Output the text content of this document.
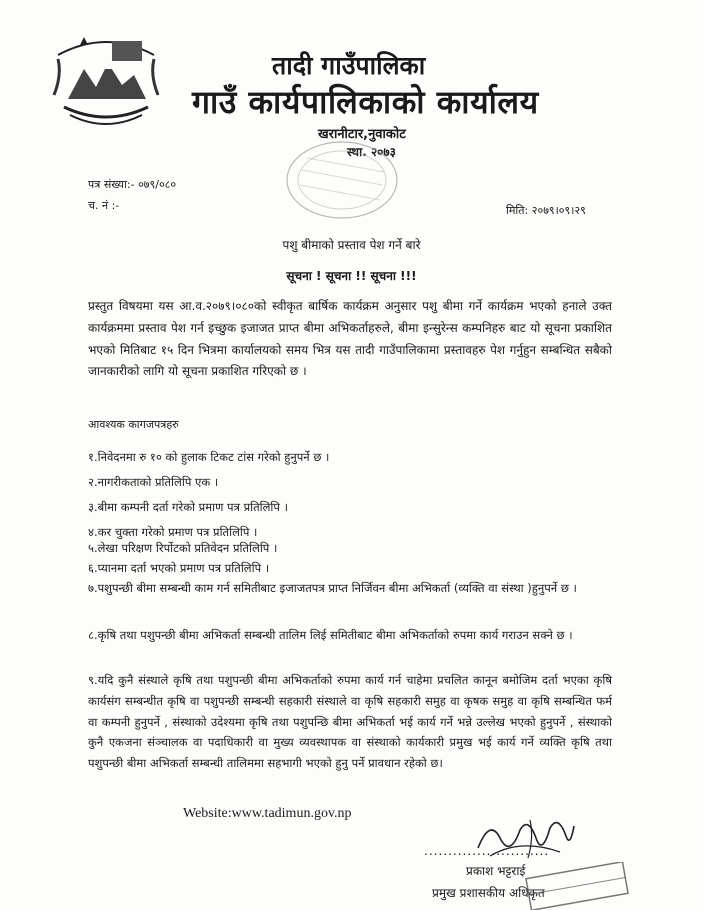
तादी गाउँपालिका
गाउँ कार्यपालिकाको कार्यालय
खरानीटार,नुवाकोट
स्था. २०७३
पत्र संख्या:- ०७९/०८०
च. नं :-	मिति: २०७९।०९।२९
पशु बीमाको प्रस्ताव पेश गर्ने बारे
सूचना ! सूचना !! सूचना !!!

प्रस्तुत विषयमा यस आ.व.२०७९।०८०को स्वीकृत बार्षिक कार्यक्रम अनुसार पशु बीमा गर्ने कार्यक्रम भएको हनाले उक्त कार्यक्रममा प्रस्ताव पेश गर्न इच्छुक इजाजत प्राप्त बीमा अभिकर्ताहरुले, बीमा इन्सुरेन्स कम्पनिहरु बाट यो सूचना प्रकाशित भएको मितिबाट १५ दिन भित्रमा कार्यालयको समय भित्र यस तादी गाउँपालिकामा प्रस्तावहरु पेश गर्नुहुन सम्बन्धित सबैको जानकारीको लागि यो सूचना प्रकाशित गरिएको छ ।

आवश्यक कागजपत्रहरु
१.निवेदनमा रु १० को हुलाक टिकट टांस गरेको हुनुपर्ने छ ।
२.नागरीकताको प्रतिलिपि एक ।
३.बीमा कम्पनी दर्ता गरेको प्रमाण पत्र प्रतिलिपि ।
४.कर चुक्ता गरेको प्रमाण पत्र प्रतिलिपि ।
५.लेखा परिक्षण रिर्पोटको प्रतिवेदन प्रतिलिपि ।
६.प्यानमा दर्ता भएको प्रमाण पत्र प्रतिलिपि ।
७.पशुपन्छी बीमा सम्बन्धी काम गर्न समितीबाट इजाजतपत्र प्राप्त निर्जिवन बीमा अभिकर्ता (व्यक्ति वा संस्था )हुनुपर्ने छ ।
८.कृषि तथा पशुपन्छी बीमा अभिकर्ता सम्बन्धी तालिम लिई समितीबाट बीमा अभिकर्ताको रुपमा कार्य गराउन सक्ने छ ।
९.यदि कुनै संस्थाले कृषि तथा पशुपन्छी बीमा अभिकर्ताको रुपमा कार्य गर्न चाहेमा प्रचलित कानून बमोजिम दर्ता भएका कृषि कार्यसंग सम्बन्धीत कृषि वा पशुपन्छी सम्बन्धी सहकारी संस्थाले वा कृषि सहकारी समुह वा कृषक समुह वा कृषि सम्बन्धित फर्म वा कम्पनी हुनुपर्ने , संस्थाको उदेश्यमा कृषि तथा पशुपन्छि बीमा अभिकर्ता भई कार्य गर्ने भन्ने उल्लेख भएको हुनुपर्ने , संस्थाको कुनै एकजना संञ्चालक वा पदाधिकारी वा मुख्य व्यवस्थापक वा संस्थाको कार्यकारी प्रमुख भई कार्य गर्ने व्यक्ति कृषि तथा पशुपन्छी बीमा अभिकर्ता सम्बन्धी तालिममा सहभागी भएको हुनु पर्ने प्रावधान रहेको छ।
Website:www.tadimun.gov.np
..........................
प्रकाश भट्टराई
प्रमुख प्रशासकीय अधिकृत
